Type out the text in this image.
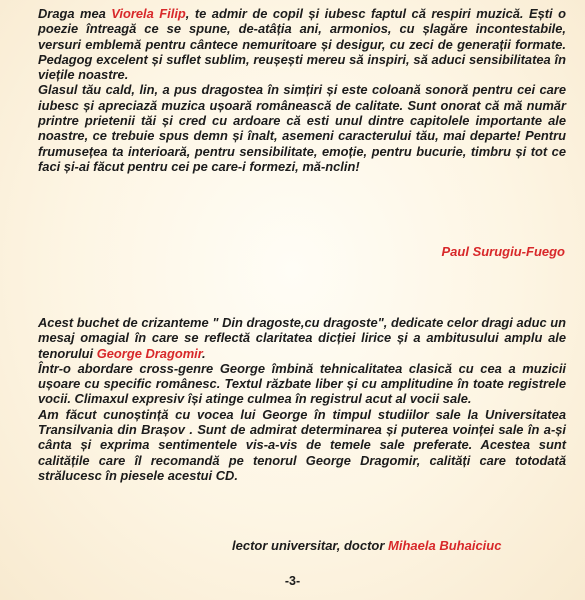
Draga mea Viorela Filip, te admir de copil și iubesc faptul că respiri muzică. Ești o poezie întreagă ce se spune, de-atâția ani, armonios, cu șlagăre incontestabile, versuri emblemă pentru cântece nemuritoare și desigur, cu zeci de generații formate. Pedagog excelent și suflet sublim, reușești mereu să inspiri, să aduci sensibilitatea în viețile noastre.

Glasul tău cald, lin, a pus dragostea în simțiri și este coloană sonoră pentru cei care iubesc și apreciază muzica ușoară românească de calitate. Sunt onorat că mă număr printre prietenii tăi și cred cu ardoare că esti unul dintre capitolele importante ale noastre, ce trebuie spus demn și înalt, asemeni caracterului tău, mai departe! Pentru frumusețea ta interioară, pentru sensibilitate, emoție, pentru bucurie, timbru și tot ce faci și-ai făcut pentru cei pe care-i formezi, mă-nclin!

Paul Surugiu-Fuego

Acest buchet de crizanteme " Din dragoste,cu dragoste", dedicate celor dragi aduc un mesaj omagial în care se reflectă claritatea dicției lirice și a ambitusului amplu ale tenorului George Dragomir.

Într-o abordare cross-genre George îmbină tehnicalitatea clasică cu cea a muzicii ușoare cu specific românesc. Textul răzbate liber și cu amplitudine în toate registrele vocii. Climaxul expresiv își atinge culmea în registrul acut al vocii sale.

Am făcut cunoștință cu vocea lui George în timpul studiilor sale la Universitatea Transilvania din Brașov . Sunt de admirat determinarea și puterea voinței sale în a-și cânta și exprima sentimentele vis-a-vis de temele sale preferate. Acestea sunt calitățile care îl recomandă pe tenorul George Dragomir, calități care totodată strălucesc în piesele acestui CD.

lector universitar, doctor Mihaela Buhaiciuc
-3-
